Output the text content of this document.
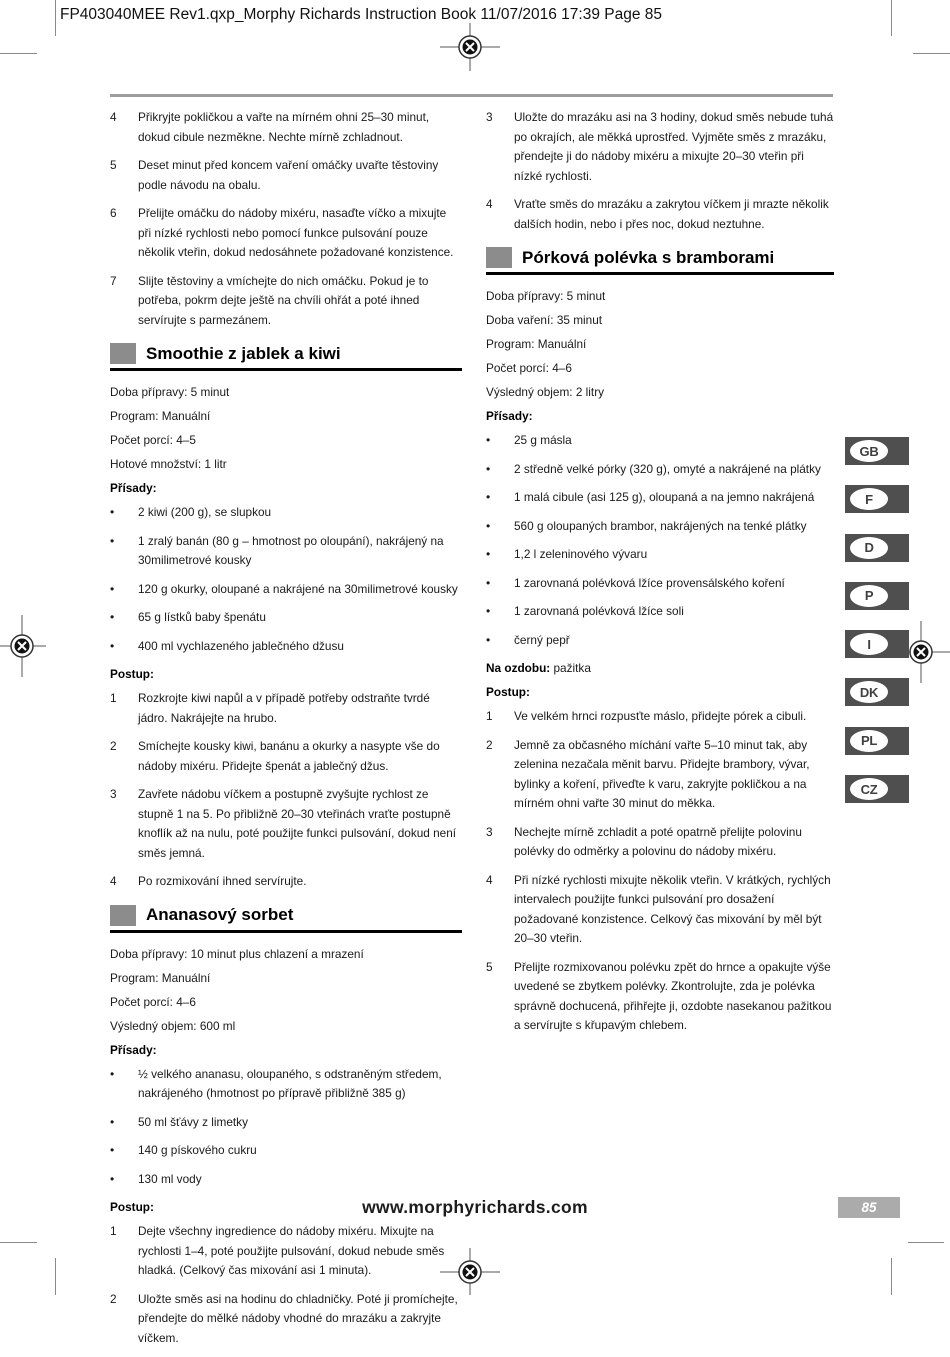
FP403040MEE Rev1.qxp_Morphy Richards Instruction Book 11/07/2016 17:39 Page 85
4	Přikryjte pokličkou a vařte na mírném ohni 25–30 minut, dokud cibule nezměkne. Nechte mírně zchladnout.
5	Deset minut před koncem vaření omáčky uvařte těstoviny podle návodu na obalu.
6	Přelijte omáčku do nádoby mixéru, nasaďte víčko a mixujte při nízké rychlosti nebo pomocí funkce pulsování pouze několik vteřin, dokud nedosáhnete požadované konzistence.
7	Slijte těstoviny a vmíchejte do nich omáčku. Pokud je to potřeba, pokrm dejte ještě na chvíli ohřát a poté ihned servírujte s parmezánem.
Smoothie z jablek a kiwi
Doba přípravy: 5 minut
Program: Manuální
Počet porcí: 4–5
Hotové množství: 1 litr
Přísady:
•	2 kiwi (200 g), se slupkou
•	1 zralý banán (80 g – hmotnost po oloupání), nakrájený na 30milimetrové kousky
•	120 g okurky, oloupané a nakrájené na 30milimetrové kousky
•	65 g lístků baby špenátu
•	400 ml vychlazeného jablečného džusu
Postup:
1	Rozkrojte kiwi napůl a v případě potřeby odstraňte tvrdé jádro. Nakrájejte na hrubo.
2	Smíchejte kousky kiwi, banánu a okurky a nasypte vše do nádoby mixéru. Přidejte špenát a jablečný džus.
3	Zavřete nádobu víčkem a postupně zvyšujte rychlost ze stupně 1 na 5. Po přibližně 20–30 vteřinách vraťte postupně knoflík až na nulu, poté použijte funkci pulsování, dokud není směs jemná.
4	Po rozmixování ihned servírujte.
Ananasový sorbet
Doba přípravy: 10 minut plus chlazení a mrazení
Program: Manuální
Počet porcí: 4–6
Výsledný objem: 600 ml
Přísady:
•	½ velkého ananasu, oloupaného, s odstraněným středem, nakrájeného (hmotnost po přípravě přibližně 385 g)
•	50 ml šťávy z limetky
•	140 g pískového cukru
•	130 ml vody
Postup:
1	Dejte všechny ingredience do nádoby mixéru. Mixujte na rychlosti 1–4, poté použijte pulsování, dokud nebude směs hladká. (Celkový čas mixování asi 1 minuta).
2	Uložte směs asi na hodinu do chladničky. Poté ji promíchejte, přendejte do mělké nádoby vhodné do mrazáku a zakryjte víčkem.
3	Uložte do mrazáku asi na 3 hodiny, dokud směs nebude tuhá po okrajích, ale měkká uprostřed. Vyjměte směs z mrazáku, přendejte ji do nádoby mixéru a mixujte 20–30 vteřin při nízké rychlosti.
4	Vraťte směs do mrazáku a zakrytou víčkem ji mrazte několik dalších hodin, nebo i přes noc, dokud neztuhne.
Pórková polévka s bramborami
Doba přípravy: 5 minut
Doba vaření: 35 minut
Program: Manuální
Počet porcí: 4–6
Výsledný objem: 2 litry
Přísady:
•	25 g másla
•	2 středně velké pórky (320 g), omyté a nakrájené na plátky
•	1 malá cibule (asi 125 g), oloupaná a na jemno nakrájená
•	560 g oloupaných brambor, nakrájených na tenké plátky
•	1,2 l zeleninového vývaru
•	1 zarovnaná polévková lžíce provensálského koření
•	1 zarovnaná polévková lžíce soli
•	černý pepř
Na ozdobu: pažitka
Postup:
1	Ve velkém hrnci rozpusťte máslo, přidejte pórek a cibuli.
2	Jemně za občasného míchání vařte 5–10 minut tak, aby zelenina nezačala měnit barvu. Přidejte brambory, vývar, bylinky a koření, přiveďte k varu, zakryjte pokličkou a na mírném ohni vařte 30 minut do měkka.
3	Nechejte mírně zchladit a poté opatrně přelijte polovinu polévky do odměrky a polovinu do nádoby mixéru.
4	Při nízké rychlosti mixujte několik vteřin. V krátkých, rychlých intervalech použijte funkci pulsování pro dosažení požadované konzistence. Celkový čas mixování by měl být 20–30 vteřin.
5	Přelijte rozmixovanou polévku zpět do hrnce a opakujte výše uvedené se zbytkem polévky. Zkontrolujte, zda je polévka správně dochucená, přihřejte ji, ozdobte nasekanou pažitkou a servírujte s křupavým chlebem.
GB
F
D
P
I
DK
PL
CZ
www.morphyrichards.com	85
